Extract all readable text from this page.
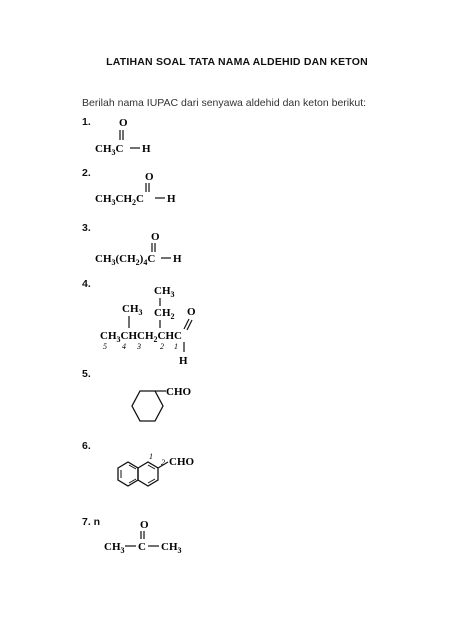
LATIHAN SOAL TATA NAMA ALDEHID DAN KETON
Berilah nama IUPAC dari senyawa aldehid dan keton berikut:
1.	O
$CH_3C$ H
2.	O
$CH_3CH_2C$ H
3.
O
$CH_3(CH_2)_4C$ H
4.
$CH_3$
$CH_2$
$CH_3$	O
$CH_3CHCH_2CHC$
H
5 4 3 2 1
5.
CHO
6.
1
2 CHO
7. n	O
$CH_3$ C $CH_3$
